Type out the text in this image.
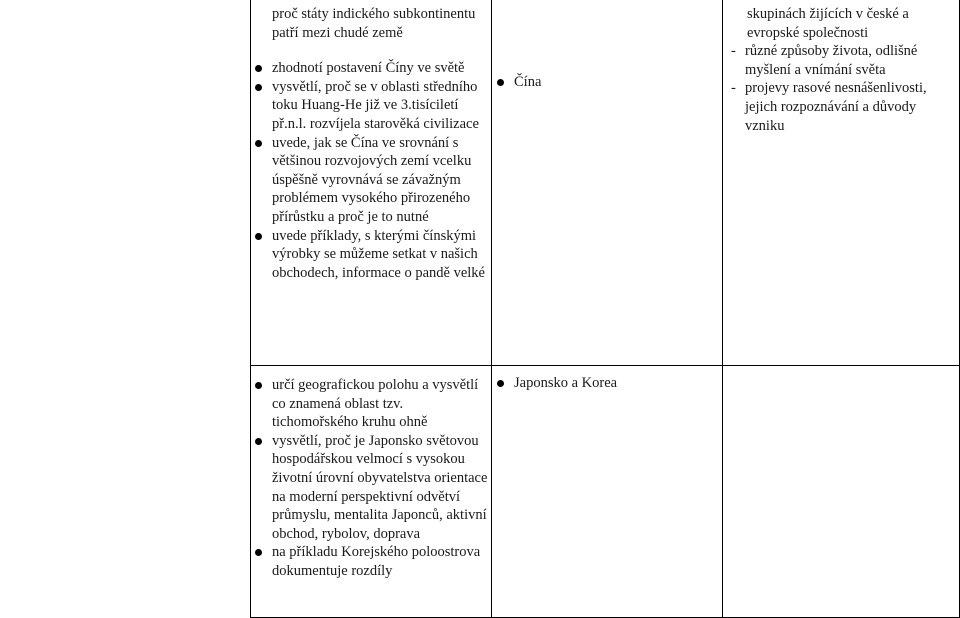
proč státy indického subkontinentu patří mezi chudé země

zhodnotí postavení Číny ve světě
vysvětlí, proč se v oblasti středního toku Huang-He již ve 3.tisíciletí př.n.l. rozvíjela starověká civilizace
uvede, jak se Čína ve srovnání s většinou rozvojových zemí vcelku úspěšně vyrovnává se závažným problémem vysokého přirozeného přírůstku a proč je to nutné
uvede příklady, s kterými čínskými výrobky se můžeme setkat v našich obchodech, informace o pandě velké
Čína

skupinách žijících v české a evropské společnosti

- různé způsoby života, odlišné myšlení a vnímání světa
- projevy rasové nesnášenlivosti, jejich rozpoznávání a důvody vzniku
určí geografickou polohu a vysvětlí co znamená oblast tzv. tichomořského kruhu ohně
vysvětlí, proč je Japonsko světovou hospodářskou velmocí s vysokou životní úrovní obyvatelstva orientace na moderní perspektivní odvětví průmyslu, mentalita Japonců, aktivní obchod, rybolov, doprava
na příkladu Korejského poloostrova dokumentuje rozdíly
Japonsko a Korea
